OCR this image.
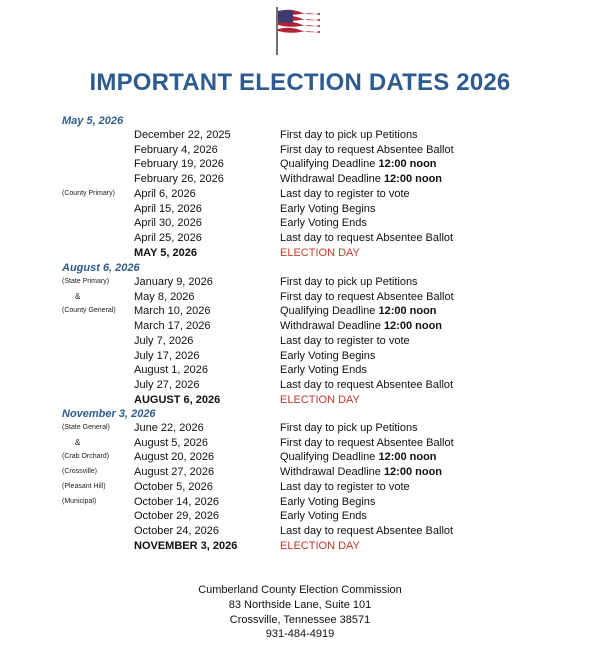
IMPORTANT ELECTION DATES 2026
May 5, 2026
December 22, 2025	First day to pick up Petitions
February 4, 2026	First day to request Absentee Ballot
February 19, 2026	Qualifying Deadline 12:00 noon
February 26, 2026	Withdrawal Deadline 12:00 noon
(County Primary) April 6, 2026	Last day to register to vote
April 15, 2026	Early Voting Begins
April 30, 2026	Early Voting Ends
April 25, 2026	Last day to request Absentee Ballot
MAY 5, 2026	ELECTION DAY
August 6, 2026
(State Primary) January 9, 2026	First day to pick up Petitions
&	May 8, 2026	First day to request Absentee Ballot
(County General) March 10, 2026	Qualifying Deadline 12:00 noon
March 17, 2026	Withdrawal Deadline 12:00 noon
July 7, 2026	Last day to register to vote
July 17, 2026	Early Voting Begins
August 1, 2026	Early Voting Ends
July 27, 2026	Last day to request Absentee Ballot
AUGUST 6, 2026	ELECTION DAY
November 3, 2026
(State General) June 22, 2026	First day to pick up Petitions
&	August 5, 2026	First day to request Absentee Ballot
(Crab Orchard) August 20, 2026	Qualifying Deadline 12:00 noon
(Crossville)	August 27, 2026	Withdrawal Deadline 12:00 noon
(Pleasant Hill)	October 5, 2026	Last day to register to vote
(Municipal)	October 14, 2026	Early Voting Begins
October 29, 2026	Early Voting Ends
October 24, 2026	Last day to request Absentee Ballot
NOVEMBER 3, 2026	ELECTION DAY
Cumberland County Election Commission
83 Northside Lane, Suite 101
Crossville, Tennessee 38571
931-484-4919
